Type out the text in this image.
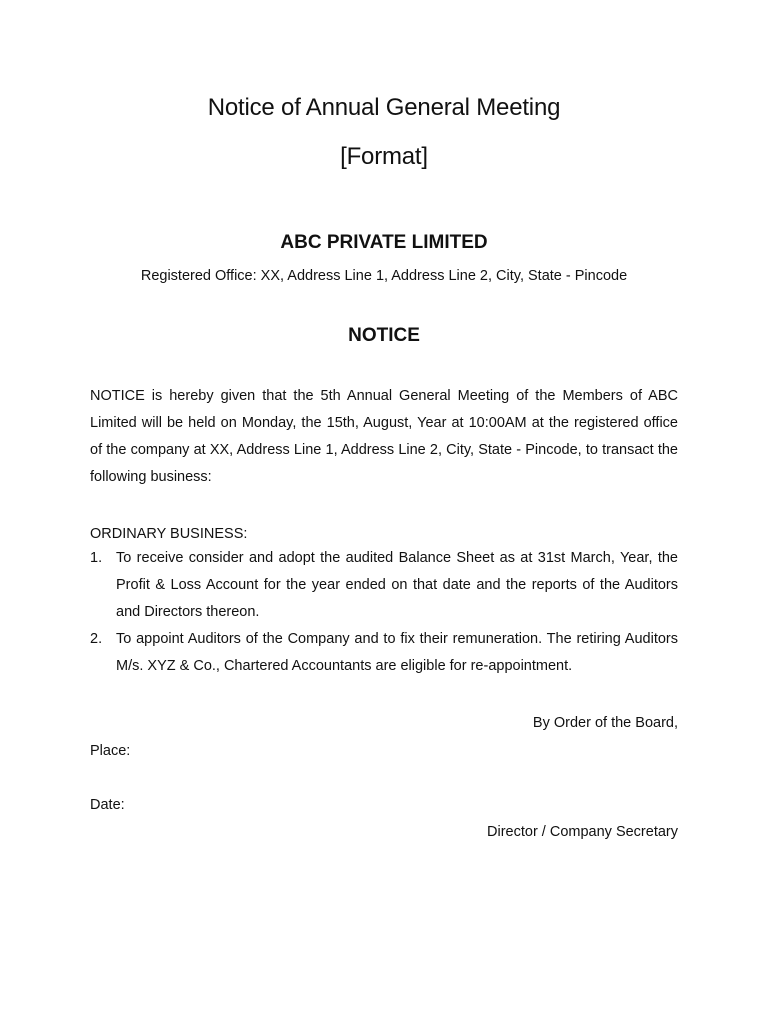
Notice of Annual General Meeting
[Format]
ABC PRIVATE LIMITED
Registered Office: XX, Address Line 1, Address Line 2, City, State - Pincode
NOTICE

NOTICE is hereby given that the 5th Annual General Meeting of the Members of ABC Limited will be held on Monday, the 15th, August, Year at 10:00AM at the registered office of the company at XX, Address Line 1, Address Line 2, City, State - Pincode, to transact the following business:

ORDINARY BUSINESS:
1. To receive consider and adopt the audited Balance Sheet as at 31st March, Year, the Profit & Loss Account for the year ended on that date and the reports of the Auditors and Directors thereon.
2. To appoint Auditors of the Company and to fix their remuneration. The retiring Auditors M/s. XYZ & Co., Chartered Accountants are eligible for re-appointment.
By Order of the Board,
Place:
Date:
Director / Company Secretary
